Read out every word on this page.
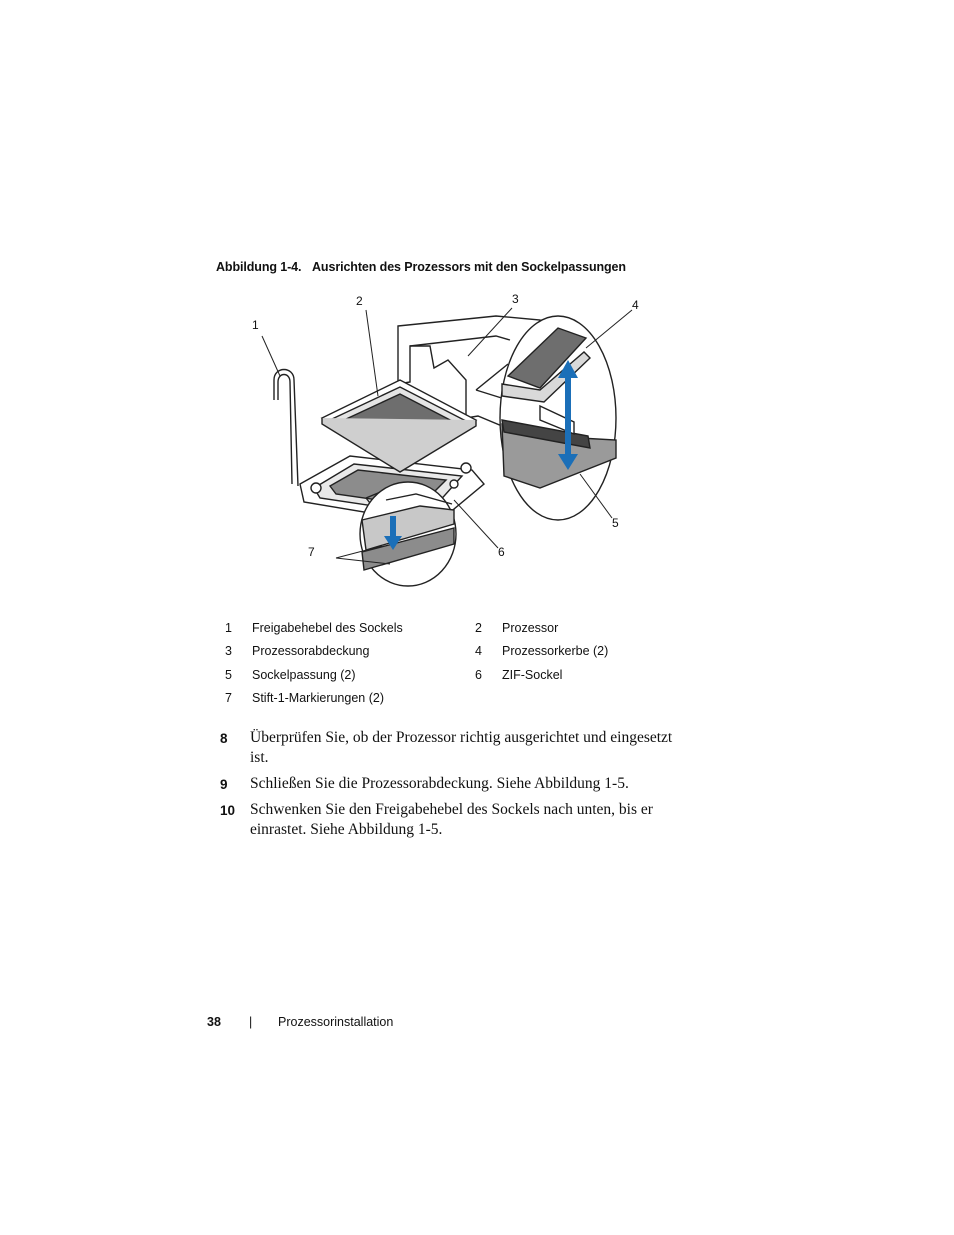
Abbildung 1-4. Ausrichten des Prozessors mit den Sockelpassungen
1
2	3	4
5
6
7
1 Freigabehebel des Sockels	2 Prozessor
3 Prozessorabdeckung	4 Prozessorkerbe (2)
5 Sockelpassung (2)	6 ZIF-Sockel
7 Stift-1-Markierungen (2)
8 Überprüfen Sie, ob der Prozessor richtig ausgerichtet und eingesetzt ist.
9 Schließen Sie die Prozessorabdeckung. Siehe Abbildung 1-5.
10 Schwenken Sie den Freigabehebel des Sockels nach unten, bis er einrastet. Siehe Abbildung 1-5.
38 | Prozessorinstallation
